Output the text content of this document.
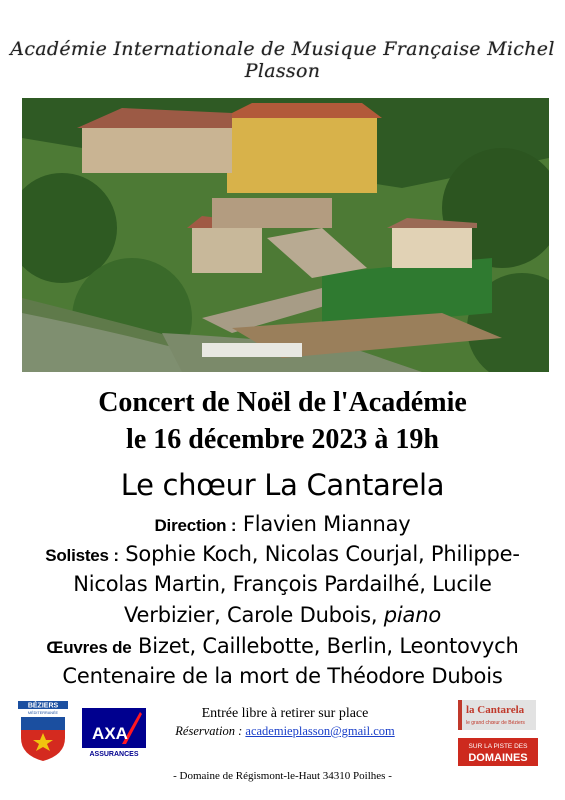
Académie Internationale de Musique Française Michel Plasson
Concert de Noël de l'Académie
le 16 décembre 2023 à 19h
Le chœur La Cantarela
Direction : Flavien Miannay
Solistes : Sophie Koch, Nicolas Courjal, Philippe-
Nicolas Martin, François Pardailhé, Lucile
Verbizier, Carole Dubois, piano
Œuvres de Bizet, Caillebotte, Berlin, Leontovych
Centenaire de la mort de Théodore Dubois
BÉZIERS
MÉDITERRANÉE
AXA
ASSURANCES
Entrée libre à retirer sur place
Réservation : academieplasson@gmail.com
la Cantarela
le grand chœur de Béziers
SUR LA PISTE DES
DOMAINES
- Domaine de Régismont-le-Haut 34310 Poilhes -
